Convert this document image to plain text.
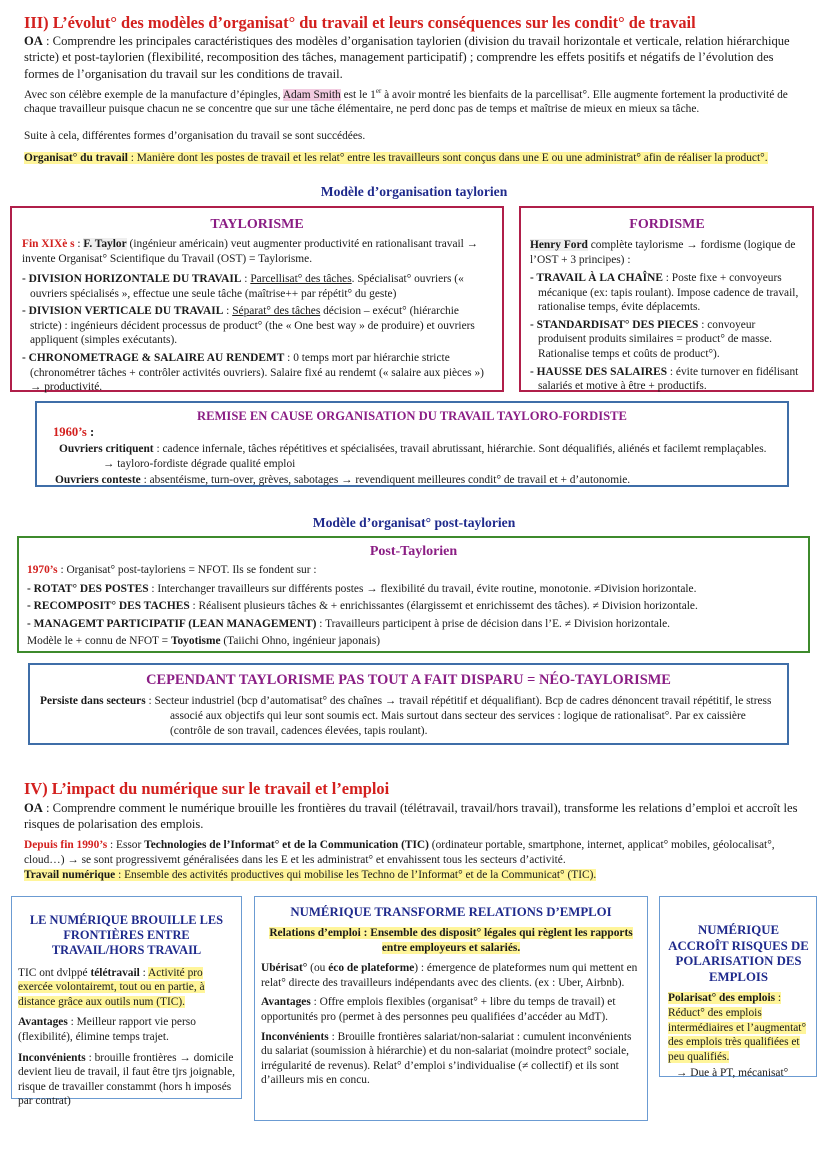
III) L’évolut° des modèles d’organisat° du travail et leurs conséquences sur les condit° de travail
OA : Comprendre les principales caractéristiques des modèles d’organisation taylorien (division du travail horizontale et verticale, relation hiérarchique stricte) et post-taylorien (flexibilité, recomposition des tâches, management participatif) ; comprendre les effets positifs et négatifs de l’évolution des formes de l’organisation du travail sur les conditions de travail.
Avec son célèbre exemple de la manufacture d’épingles, Adam Smith est le 1er à avoir montré les bienfaits de la parcellisat°. Elle augmente fortement la productivité de chaque travailleur puisque chacun ne se concentre que sur une tâche élémentaire, ne perd donc pas de temps et maîtrise de mieux en mieux sa tâche.
Suite à cela, différentes formes d’organisation du travail se sont succédées.
Organisat° du travail : Manière dont les postes de travail et les relat° entre les travailleurs sont conçus dans une E ou une administrat° afin de réaliser la product°.
Modèle d’organisation taylorien
TAYLORISME

Fin XIXè s : F. Taylor (ingénieur américain) veut augmenter productivité en rationalisant travail → invente Organisat° Scientifique du Travail (OST) = Taylorisme.

- DIVISION HORIZONTALE DU TRAVAIL : Parcellisat° des tâches. Spécialisat° ouvriers (« ouvriers spécialisés », effectue une seule tâche (maîtrise++ par répétit° du geste)
- DIVISION VERTICALE DU TRAVAIL : Séparat° des tâches décision – exécut° (hiérarchie stricte) : ingénieurs décident processus de product° (the « One best way » de produire) et ouvriers appliquent (simples exécutants).
- CHRONOMETRAGE & SALAIRE AU RENDEMT : 0 temps mort par hiérarchie stricte (chronométrer tâches + contrôler activités ouvriers). Salaire fixé au rendemt (« salaire aux pièces ») → productivité.
FORDISME

Henry Ford complète taylorisme → fordisme (logique de l’OST + 3 principes) :

- TRAVAIL À LA CHAÎNE : Poste fixe + convoyeurs mécanique (ex: tapis roulant). Impose cadence de travail, rationalise temps, évite déplacemts.
- STANDARDISAT° DES PIECES : convoyeur produisent produits similaires = product° de masse. Rationalise temps et coûts de product°).
- HAUSSE DES SALAIRES : évite turnover en fidélisant salariés et motive à être + productifs.
REMISE EN CAUSE ORGANISATION DU TRAVAIL TAYLORO-FORDISTE

1960’s :

Ouvriers critiquent : cadence infernale, tâches répétitives et spécialisées, travail abrutissant, hiérarchie. Sont déqualifiés, aliénés et facilemt remplaçables. → tayloro-fordiste dégrade qualité emploi

Ouvriers conteste : absentéisme, turn-over, grèves, sabotages → revendiquent meilleures condit° de travail et + d’autonomie.

Modèle d’organisat° post-taylorien
Post-Taylorien

1970’s : Organisat° post-tayloriens = NFOT. Ils se fondent sur :

- ROTAT° DES POSTES : Interchanger travailleurs sur différents postes → flexibilité du travail, évite routine, monotonie. ≠Division horizontale.
- RECOMPOSIT° DES TACHES : Réalisent plusieurs tâches & + enrichissantes (élargissemt et enrichissemt des tâches). ≠ Division horizontale.
- MANAGEMT PARTICIPATIF (LEAN MANAGEMENT) : Travailleurs participent à prise de décision dans l’E. ≠ Division horizontale.

Modèle le + connu de NFOT = Toyotisme (Taiichi Ohno, ingénieur japonais)

CEPENDANT TAYLORISME PAS TOUT A FAIT DISPARU = NÉO-TAYLORISME

Persiste dans secteurs : Secteur industriel (bcp d’automatisat° des chaînes → travail répétitif et déqualifiant). Bcp de cadres dénoncent travail répétitif, le stress associé aux objectifs qui leur sont soumis ect. Mais surtout dans secteur des services : logique de rationalisat°. Par ex caissière (contrôle de son travail, cadences élevées, tapis roulant).

IV) L’impact du numérique sur le travail et l’emploi
OA : Comprendre comment le numérique brouille les frontières du travail (télétravail, travail/hors travail), transforme les relations d’emploi et accroît les risques de polarisation des emplois.
Depuis fin 1990’s : Essor Technologies de l’Informat° et de la Communication (TIC) (ordinateur portable, smartphone, internet, applicat° mobiles, géolocalisat°, cloud…) → se sont progressivemt généralisées dans les E et les administrat° et envahissent tous les secteurs d’activité.
Travail numérique : Ensemble des activités productives qui mobilise les Techno de l’Informat° et de la Communicat° (TIC).
LE NUMÉRIQUE BROUILLE LES FRONTIÈRES ENTRE TRAVAIL/HORS TRAVAIL

TIC ont dvlppé télétravail : Activité pro exercée volontairemt, tout ou en partie, à distance grâce aux outils num (TIC).

Avantages : Meilleur rapport vie perso (flexibilité), élimine temps trajet.

Inconvénients : brouille frontières → domicile devient lieu de travail, il faut être tjrs joignable, risque de travailler constammt (hors h imposés par contrat)

NUMÉRIQUE TRANSFORME RELATIONS D’EMPLOI

Relations d’emploi : Ensemble des disposit° légales qui règlent les rapports entre employeurs et salariés.

Ubérisat° (ou éco de plateforme) : émergence de plateformes num qui mettent en relat° directe des travailleurs indépendants avec des clients. (ex : Uber, Airbnb).

Avantages : Offre emplois flexibles (organisat° + libre du temps de travail) et opportunités pro (permet à des personnes peu qualifiées d’accéder au MdT).

Inconvénients : Brouille frontières salariat/non-salariat : cumulent inconvénients du salariat (soumission à hiérarchie) et du non-salariat (moindre protect° sociale, irrégularité de revenus). Relat° d’emploi s’individualise (≠ collectif) et ils sont d’ailleurs mis en concu.

NUMÉRIQUE ACCROÎT RISQUES DE POLARISATION DES EMPLOIS

Polarisat° des emplois : Réduct° des emplois intermédiaires et l’augmentat° des emplois très qualifiées et peu qualifiés.

→ Due à PT, mécanisat°
